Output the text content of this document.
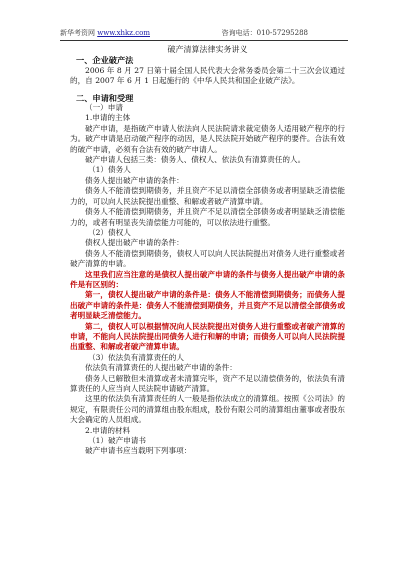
新华考资网 www.xhkz.com	咨询电话：010-57295288

破产清算法律实务讲义

一、企业破产法

2006 年 8 月 27 日第十届全国人民代表大会常务委员会第二十三次会议通过的，自 2007 年 6 月 1 日起施行的《中华人民共和国企业破产法》。

二、申请和受理

（一）申请

1.申请的主体

破产申请，是指破产申请人依法向人民法院请求裁定债务人适用破产程序的行为。破产申请是启动破产程序的动因，是人民法院开始破产程序的要件。合法有效的破产申请，必须有合法有效的破产申请人。

破产申请人包括三类：债务人、债权人、依法负有清算责任的人。

（1）债务人

债务人提出破产申请的条件：

债务人不能清偿到期债务，并且资产不足以清偿全部债务或者明显缺乏清偿能力的，可以向人民法院提出重整、和解或者破产清算申请。

债务人不能清偿到期债务，并且资产不足以清偿全部债务或者明显缺乏清偿能力的，或者有明显丧失清偿能力可能的，可以依法进行重整。

（2）债权人

债权人提出破产申请的条件：

债务人不能清偿到期债务，债权人可以向人民法院提出对债务人进行重整或者破产清算的申请。

这里我们应当注意的是债权人提出破产申请的条件与债务人提出破产申请的条件是有区别的：

第一，债权人提出破产申请的条件是：债务人不能清偿到期债务；而债务人提出破产申请的条件是：债务人不能清偿到期债务，并且资产不足以清偿全部债务或者明显缺乏清偿能力。

第二，债权人可以根据情况向人民法院提出对债务人进行重整或者破产清算的申请，不能向人民法院提出同债务人进行和解的申请；而债务人可以向人民法院提出重整、和解或者破产清算申请。

（3）依法负有清算责任的人

依法负有清算责任的人提出破产申请的条件：

债务人已解散但未清算或者未清算完毕，资产不足以清偿债务的，依法负有清算责任的人应当向人民法院申请破产清算。

这里的依法负有清算责任的人一般是指依法成立的清算组。按照《公司法》的规定，有限责任公司的清算组由股东组成，股份有限公司的清算组由董事或者股东大会确定的人员组成。

2.申请的材料

（1）破产申请书

破产申请书应当载明下列事项：
